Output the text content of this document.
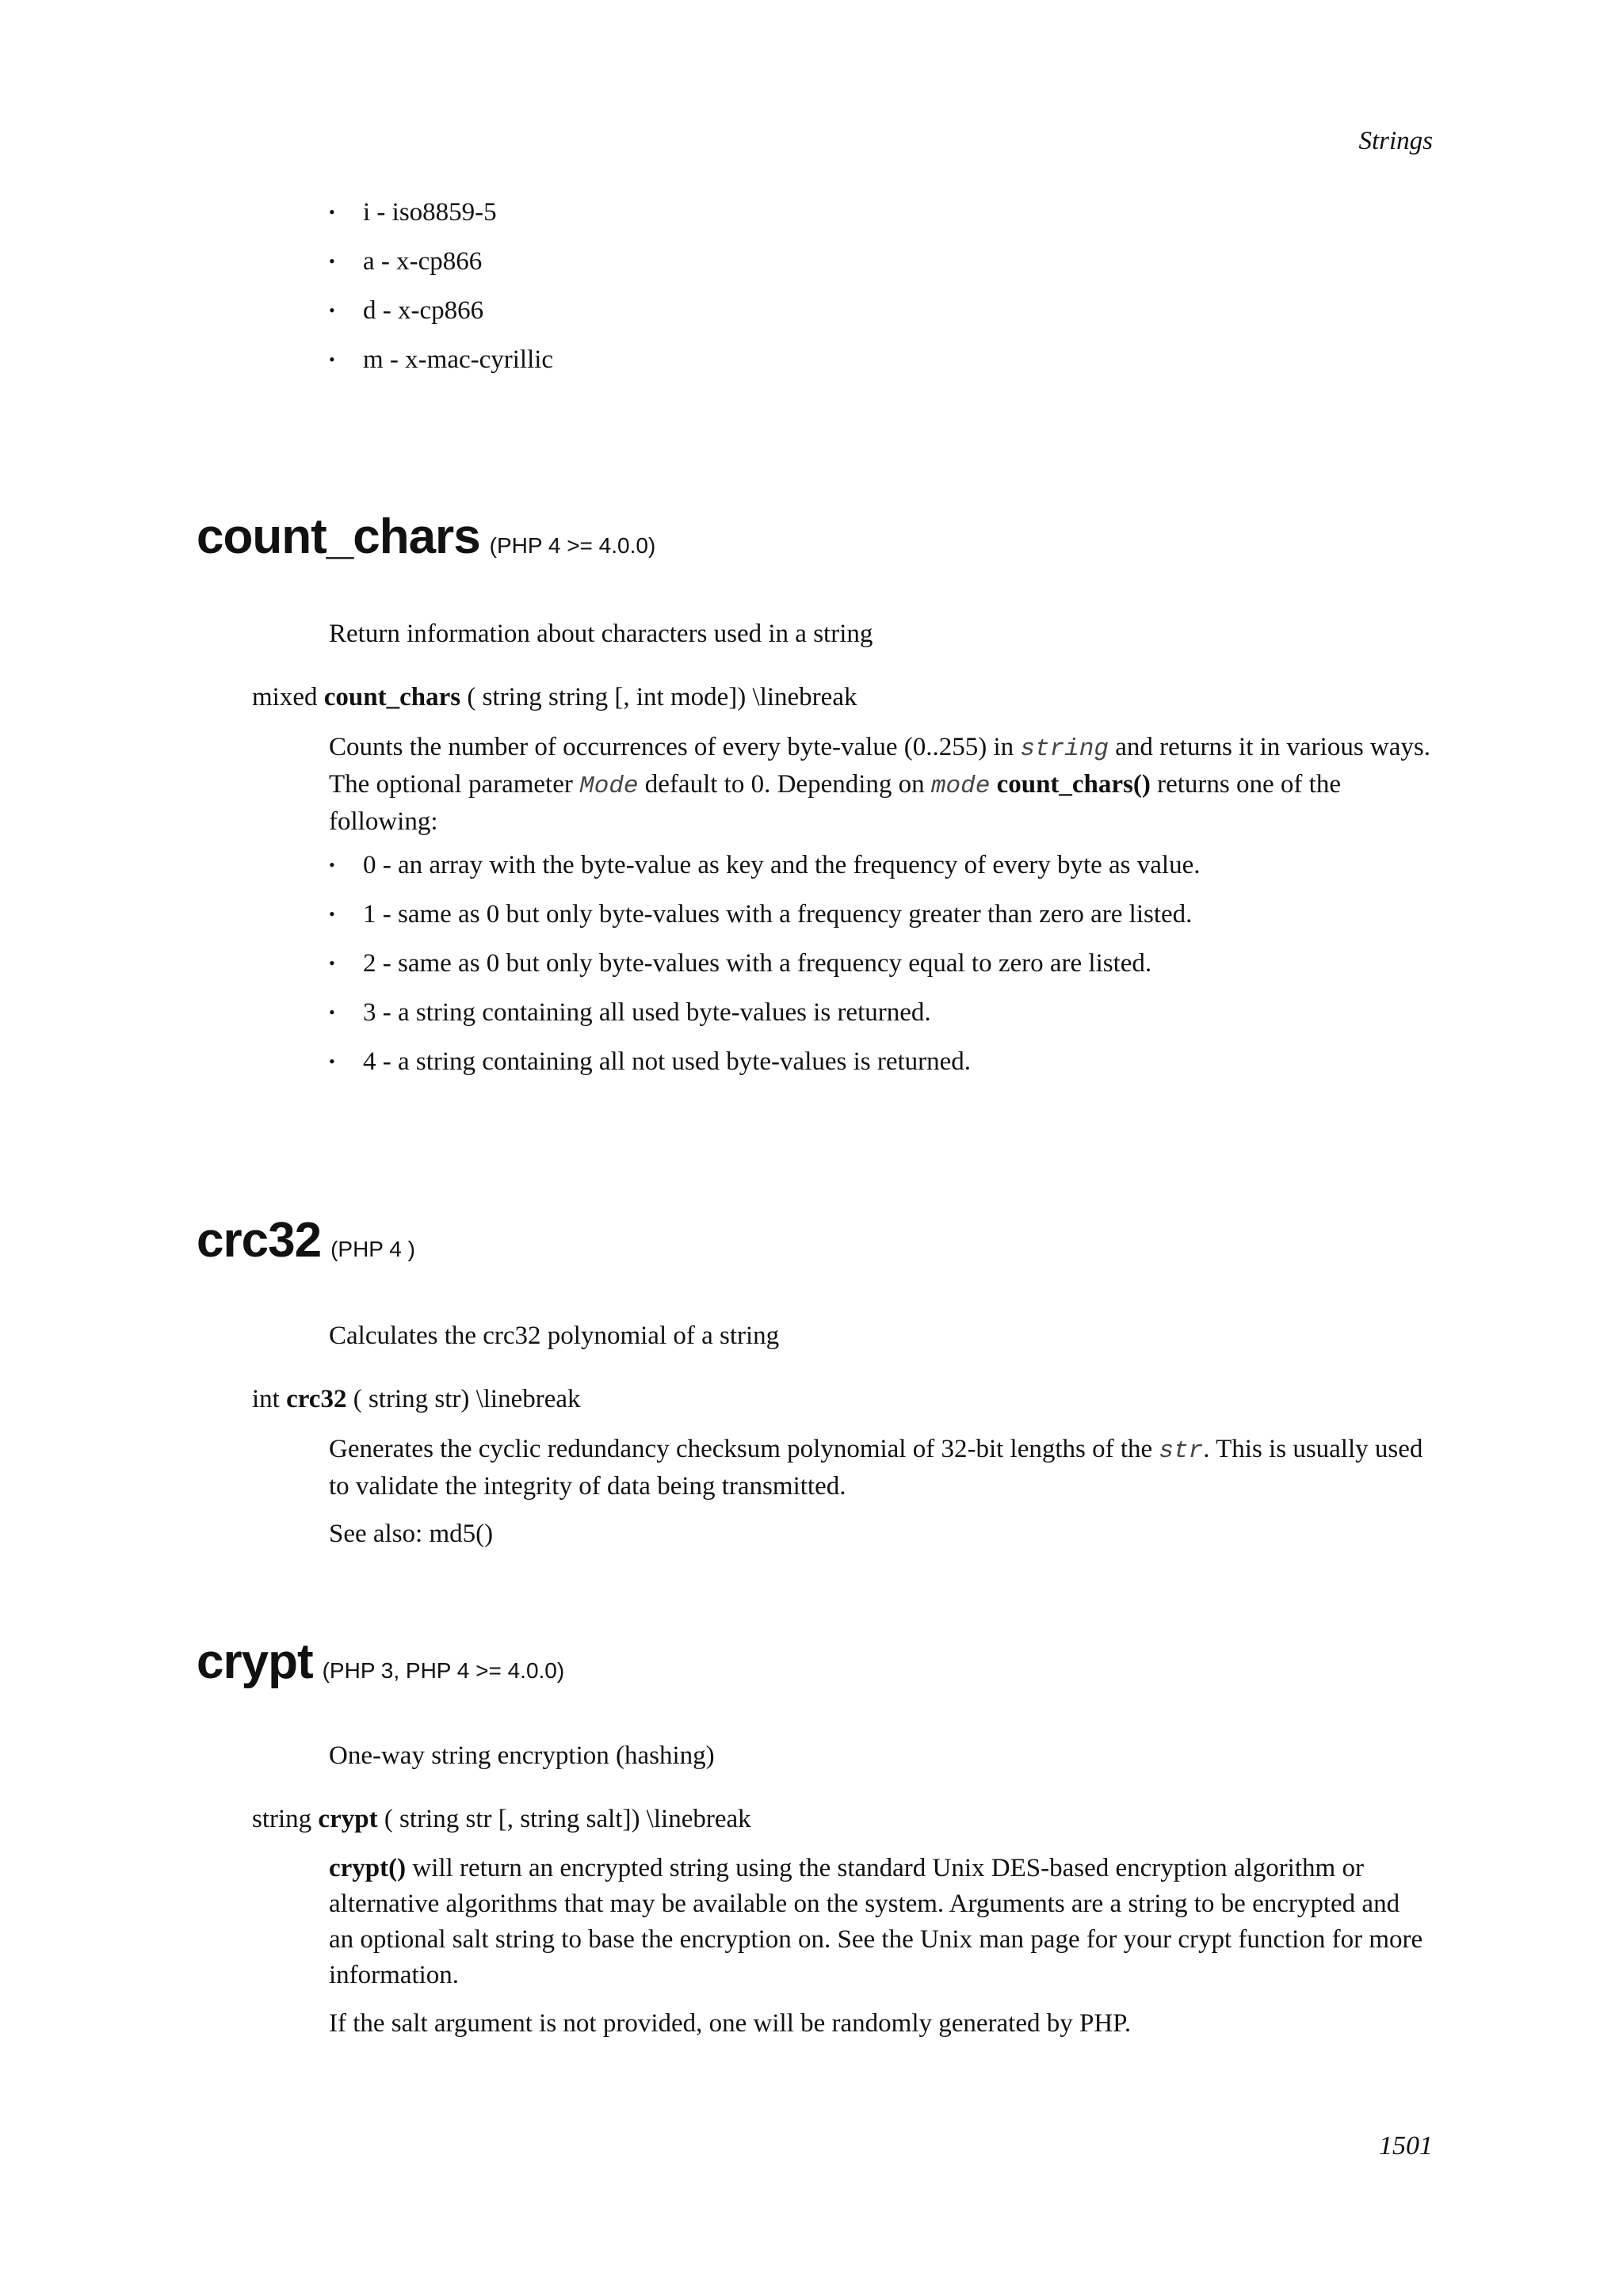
Strings
• i - iso8859-5
• a - x-cp866
• d - x-cp866
• m - x-mac-cyrillic
count_chars (PHP 4 >= 4.0.0)
Return information about characters used in a string
mixed count_chars ( string string [, int mode]) \linebreak
Counts the number of occurrences of every byte-value (0..255) in string and returns it in various ways. The optional parameter Mode default to 0. Depending on mode count_chars() returns one of the following:
• 0 - an array with the byte-value as key and the frequency of every byte as value.
• 1 - same as 0 but only byte-values with a frequency greater than zero are listed.
• 2 - same as 0 but only byte-values with a frequency equal to zero are listed.
• 3 - a string containing all used byte-values is returned.
• 4 - a string containing all not used byte-values is returned.
crc32 (PHP 4 )
Calculates the crc32 polynomial of a string
int crc32 ( string str) \linebreak
Generates the cyclic redundancy checksum polynomial of 32-bit lengths of the str. This is usually used to validate the integrity of data being transmitted.
See also: md5()
crypt (PHP 3, PHP 4 >= 4.0.0)
One-way string encryption (hashing)
string crypt ( string str [, string salt]) \linebreak
crypt() will return an encrypted string using the standard Unix DES-based encryption algorithm or alternative algorithms that may be available on the system. Arguments are a string to be encrypted and an optional salt string to base the encryption on. See the Unix man page for your crypt function for more information.
If the salt argument is not provided, one will be randomly generated by PHP.
1501
